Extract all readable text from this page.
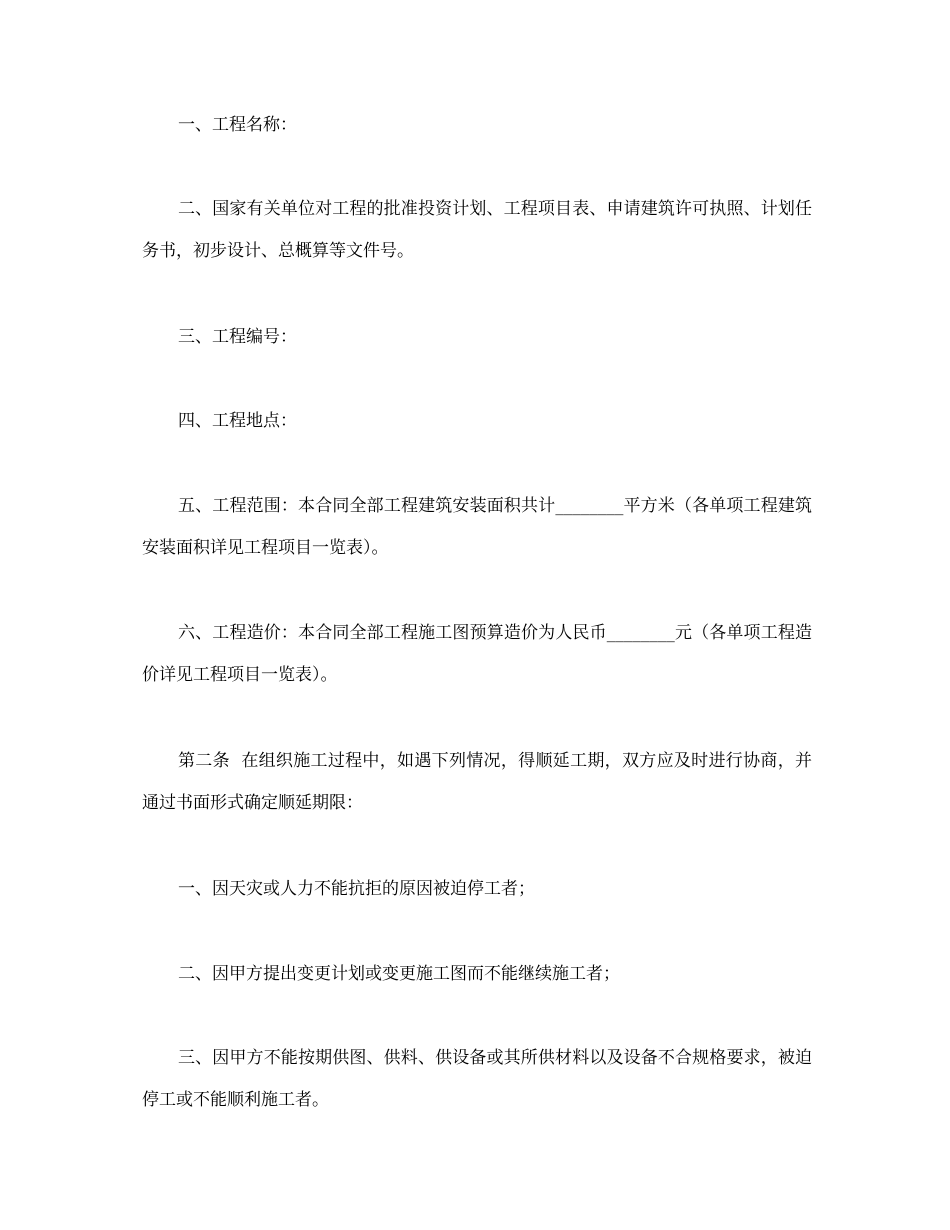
一、工程名称：

二、国家有关单位对工程的批准投资计划、工程项目表、申请建筑许可执照、计划任务书，初步设计、总概算等文件号。

三、工程编号：

四、工程地点：

五、工程范围：本合同全部工程建筑安装面积共计________平方米（各单项工程建筑安装面积详见工程项目一览表）。

六、工程造价：本合同全部工程施工图预算造价为人民币________元（各单项工程造价详见工程项目一览表）。

第二条  在组织施工过程中，如遇下列情况，得顺延工期，双方应及时进行协商，并通过书面形式确定顺延期限：

一、因天灾或人力不能抗拒的原因被迫停工者；

二、因甲方提出变更计划或变更施工图而不能继续施工者；

三、因甲方不能按期供图、供料、供设备或其所供材料以及设备不合规格要求，被迫停工或不能顺利施工者。
